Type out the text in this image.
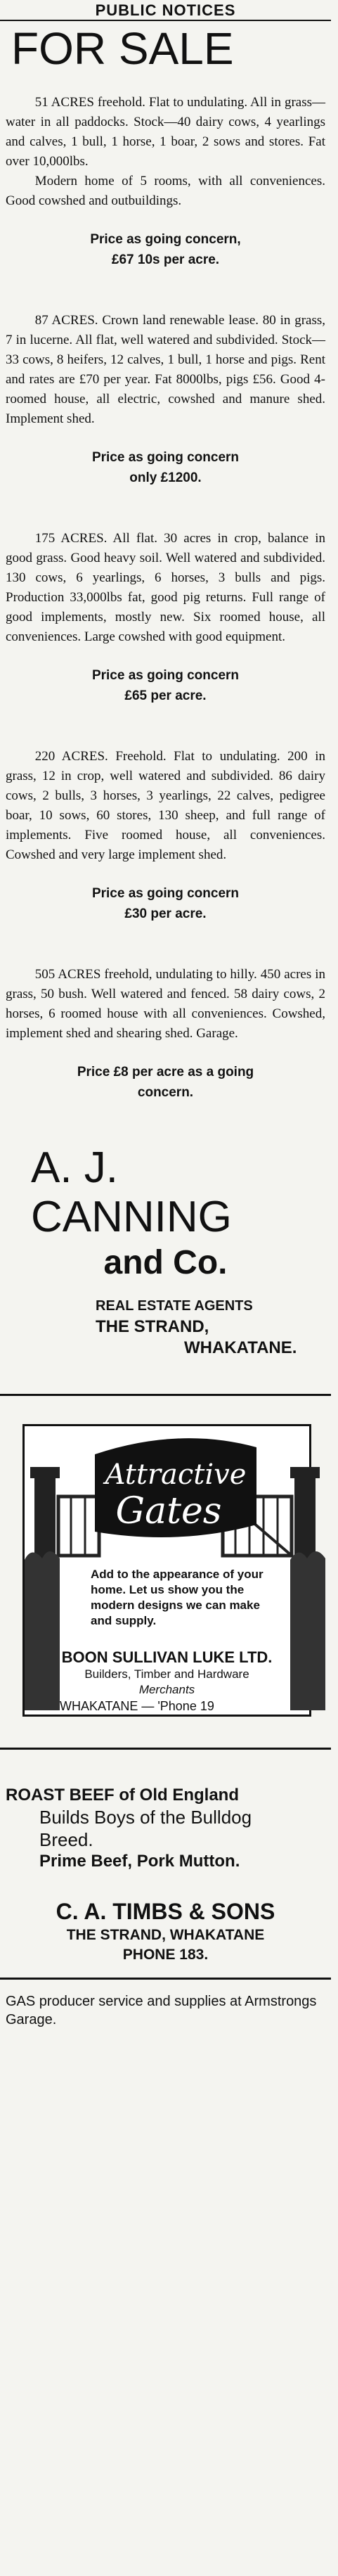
PUBLIC NOTICES
FOR SALE

51 ACRES freehold. Flat to undulating. All in grass—water in all paddocks. Stock—40 dairy cows, 4 yearlings and calves, 1 bull, 1 horse, 1 boar, 2 sows and stores. Fat over 10,000lbs.

Modern home of 5 rooms, with all conveniences. Good cowshed and outbuildings.

Price as going concern,
£67 10s per acre.

87 ACRES. Crown land renewable lease. 80 in grass, 7 in lucerne. All flat, well watered and subdivided. Stock—33 cows, 8 heifers, 12 calves, 1 bull, 1 horse and pigs. Rent and rates are £70 per year. Fat 8000lbs, pigs £56. Good 4-roomed house, all electric, cowshed and manure shed. Implement shed.

Price as going concern
only £1200.

175 ACRES. All flat. 30 acres in crop, balance in good grass. Good heavy soil. Well watered and subdivided. 130 cows, 6 yearlings, 6 horses, 3 bulls and pigs. Production 33,000lbs fat, good pig returns. Full range of good implements, mostly new. Six roomed house, all conveniences. Large cowshed with good equipment.

Price as going concern
£65 per acre.

220 ACRES. Freehold. Flat to undulating. 200 in grass, 12 in crop, well watered and subdivided. 86 dairy cows, 2 bulls, 3 horses, 3 yearlings, 22 calves, pedigree boar, 10 sows, 60 stores, 130 sheep, and full range of implements. Five roomed house, all conveniences. Cowshed and very large implement shed.

Price as going concern
£30 per acre.

505 ACRES freehold, undulating to hilly. 450 acres in grass, 50 bush. Well watered and fenced. 58 dairy cows, 2 horses, 6 roomed house with all conveniences. Cowshed, implement shed and shearing shed. Garage.

Price £8 per acre as a going
concern.
A. J. CANNING
and Co.
REAL ESTATE AGENTS
THE STRAND,
WHAKATANE.
Attractive
Gates
Add to the appearance of your home. Let us show you the modern designs we can make and supply.
BOON SULLIVAN LUKE LTD.
Builders, Timber and Hardware
Merchants
WHAKATANE — 'Phone 19
ROAST BEEF of Old England
Builds Boys of the Bulldog
Breed.
Prime Beef, Pork Mutton.
C. A. TIMBS & SONS
THE STRAND, WHAKATANE
PHONE 183.
GAS producer service and supplies at Armstrongs Garage.
